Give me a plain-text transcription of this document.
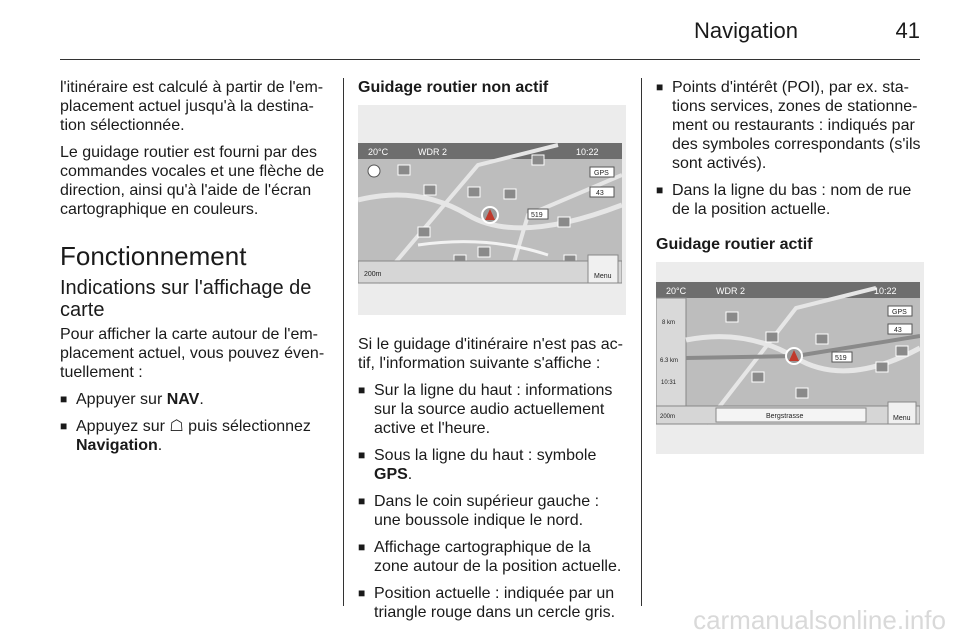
Navigation	41

l'itinéraire est calculé à partir de l'em-placement actuel jusqu'à la destina-tion sélectionnée.

Le guidage routier est fourni par des commandes vocales et une flèche de direction, ainsi qu'à l'aide de l'écran cartographique en couleurs.

Fonctionnement
Indications sur l'affichage de carte

Pour afficher la carte autour de l'em-placement actuel, vous pouvez éven-tuellement :

■ Appuyer sur NAV.
■ Appuyez sur ☖ puis sélectionnez Navigation.

Guidage routier non actif

20°C	WDR 2	10:22
GPS
43
519
200m	Menu

Si le guidage d'itinéraire n'est pas ac-tif, l'information suivante s'affiche :

■ Sur la ligne du haut : informations sur la source audio actuellement active et l'heure.
■ Sous la ligne du haut : symbole GPS.
■ Dans le coin supérieur gauche : une boussole indique le nord.
■ Affichage cartographique de la zone autour de la position actuelle.
■ Position actuelle : indiquée par un triangle rouge dans un cercle gris.
■ Points d'intérêt (POI), par ex. sta-tions services, zones de stationne-ment ou restaurants : indiqués par des symboles correspondants (s'ils sont activés).
■ Dans la ligne du bas : nom de rue de la position actuelle.

Guidage routier actif

20°C	WDR 2	10:22
GPS
43
519
8 km
6.3 km
10:31
200m	Bergstrasse	Menu
carmanualsonline.info
